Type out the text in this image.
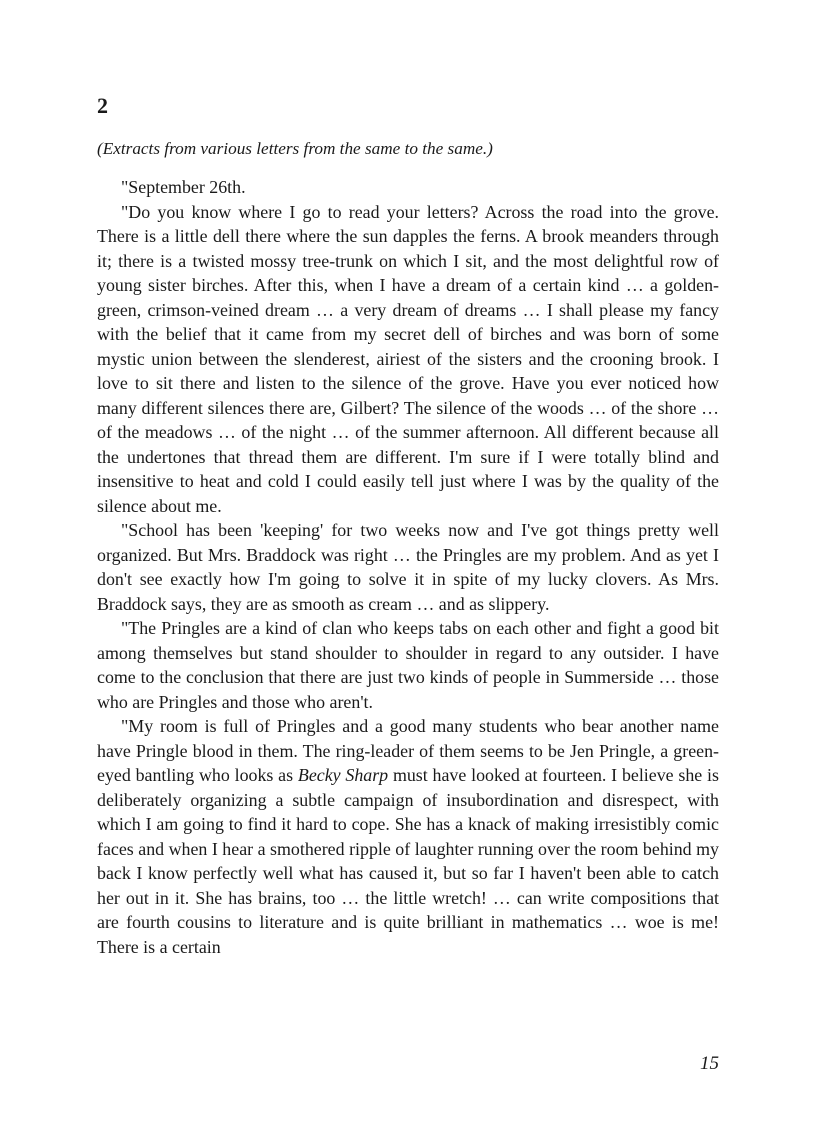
2

(Extracts from various letters from the same to the same.)

"September 26th.

"Do you know where I go to read your letters? Across the road into the grove. There is a little dell there where the sun dapples the ferns. A brook meanders through it; there is a twisted mossy tree-trunk on which I sit, and the most delightful row of young sister birches. After this, when I have a dream of a certain kind … a golden-green, crimson-veined dream … a very dream of dreams … I shall please my fancy with the belief that it came from my secret dell of birches and was born of some mystic union between the slenderest, airiest of the sisters and the crooning brook. I love to sit there and listen to the silence of the grove. Have you ever noticed how many different silences there are, Gilbert? The silence of the woods … of the shore … of the meadows … of the night … of the summer afternoon. All different because all the undertones that thread them are different. I'm sure if I were totally blind and insensitive to heat and cold I could easily tell just where I was by the quality of the silence about me.

"School has been 'keeping' for two weeks now and I've got things pretty well organized. But Mrs. Braddock was right … the Pringles are my problem. And as yet I don't see exactly how I'm going to solve it in spite of my lucky clovers. As Mrs. Braddock says, they are as smooth as cream … and as slippery.

"The Pringles are a kind of clan who keeps tabs on each other and fight a good bit among themselves but stand shoulder to shoulder in regard to any outsider. I have come to the conclusion that there are just two kinds of people in Summerside … those who are Pringles and those who aren't.

"My room is full of Pringles and a good many students who bear another name have Pringle blood in them. The ring-leader of them seems to be Jen Pringle, a green-eyed bantling who looks as Becky Sharp must have looked at fourteen. I believe she is deliberately organizing a subtle campaign of insubordination and disrespect, with which I am going to find it hard to cope. She has a knack of making irresistibly comic faces and when I hear a smothered ripple of laughter running over the room behind my back I know perfectly well what has caused it, but so far I haven't been able to catch her out in it. She has brains, too … the little wretch! … can write compositions that are fourth cousins to literature and is quite brilliant in mathematics … woe is me! There is a certain

15
